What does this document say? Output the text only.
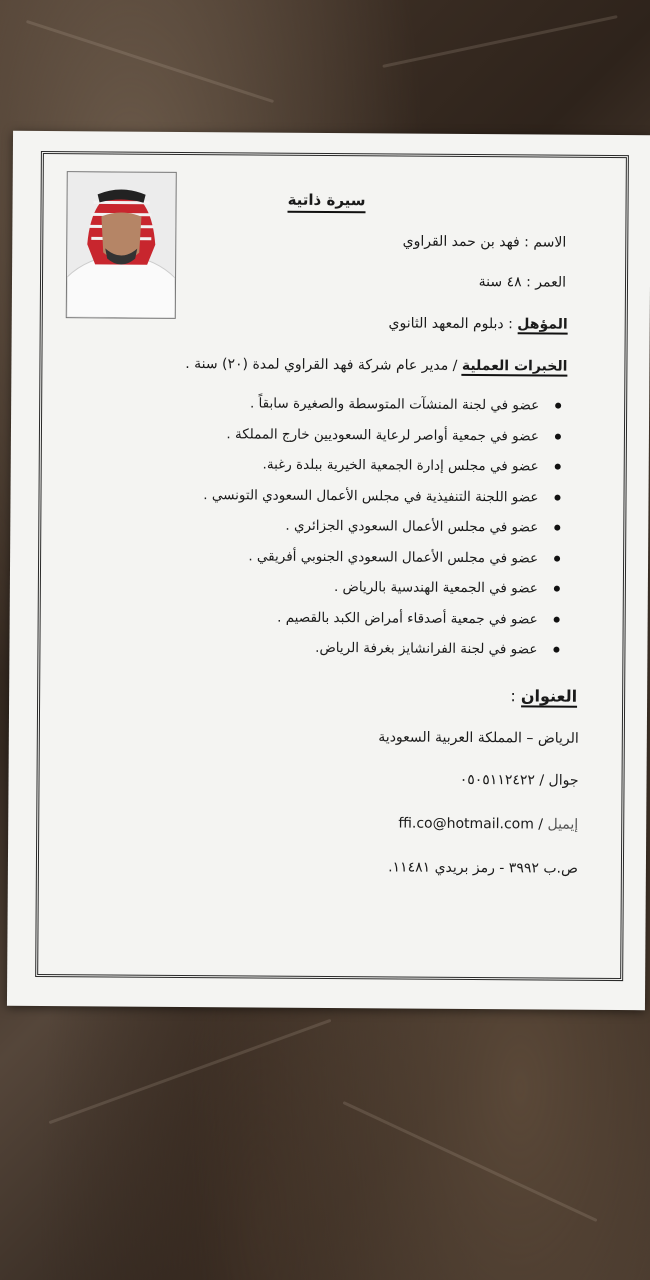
سيرة ذاتية
الاسم : فهد بن حمد القراوي
العمر : ٤٨ سنة
المؤهل : دبلوم المعهد الثانوي
الخبرات العملية / مدير عام شركة فهد القراوي لمدة (٢٠) سنة .
عضو في لجنة المنشآت المتوسطة والصغيرة سابقاً .
عضو في جمعية أواصر لرعاية السعوديين خارج المملكة .
عضو في مجلس إدارة الجمعية الخيرية ببلدة رغبة.
عضو اللجنة التنفيذية في مجلس الأعمال السعودي التونسي .
عضو في مجلس الأعمال السعودي الجزائري .
عضو في مجلس الأعمال السعودي الجنوبي أفريقي .
عضو في الجمعية الهندسية بالرياض .
عضو في جمعية أصدقاء أمراض الكبد بالقصيم .
عضو في لجنة الفرانشايز بغرفة الرياض.
العنوان :
الرياض – المملكة العربية السعودية
جوال / ٠٥٠٥١١٢٤٢٢
إيميل / ffi.co@hotmail.com
ص.ب ٣٩٩٢ - رمز بريدي ١١٤٨١.
